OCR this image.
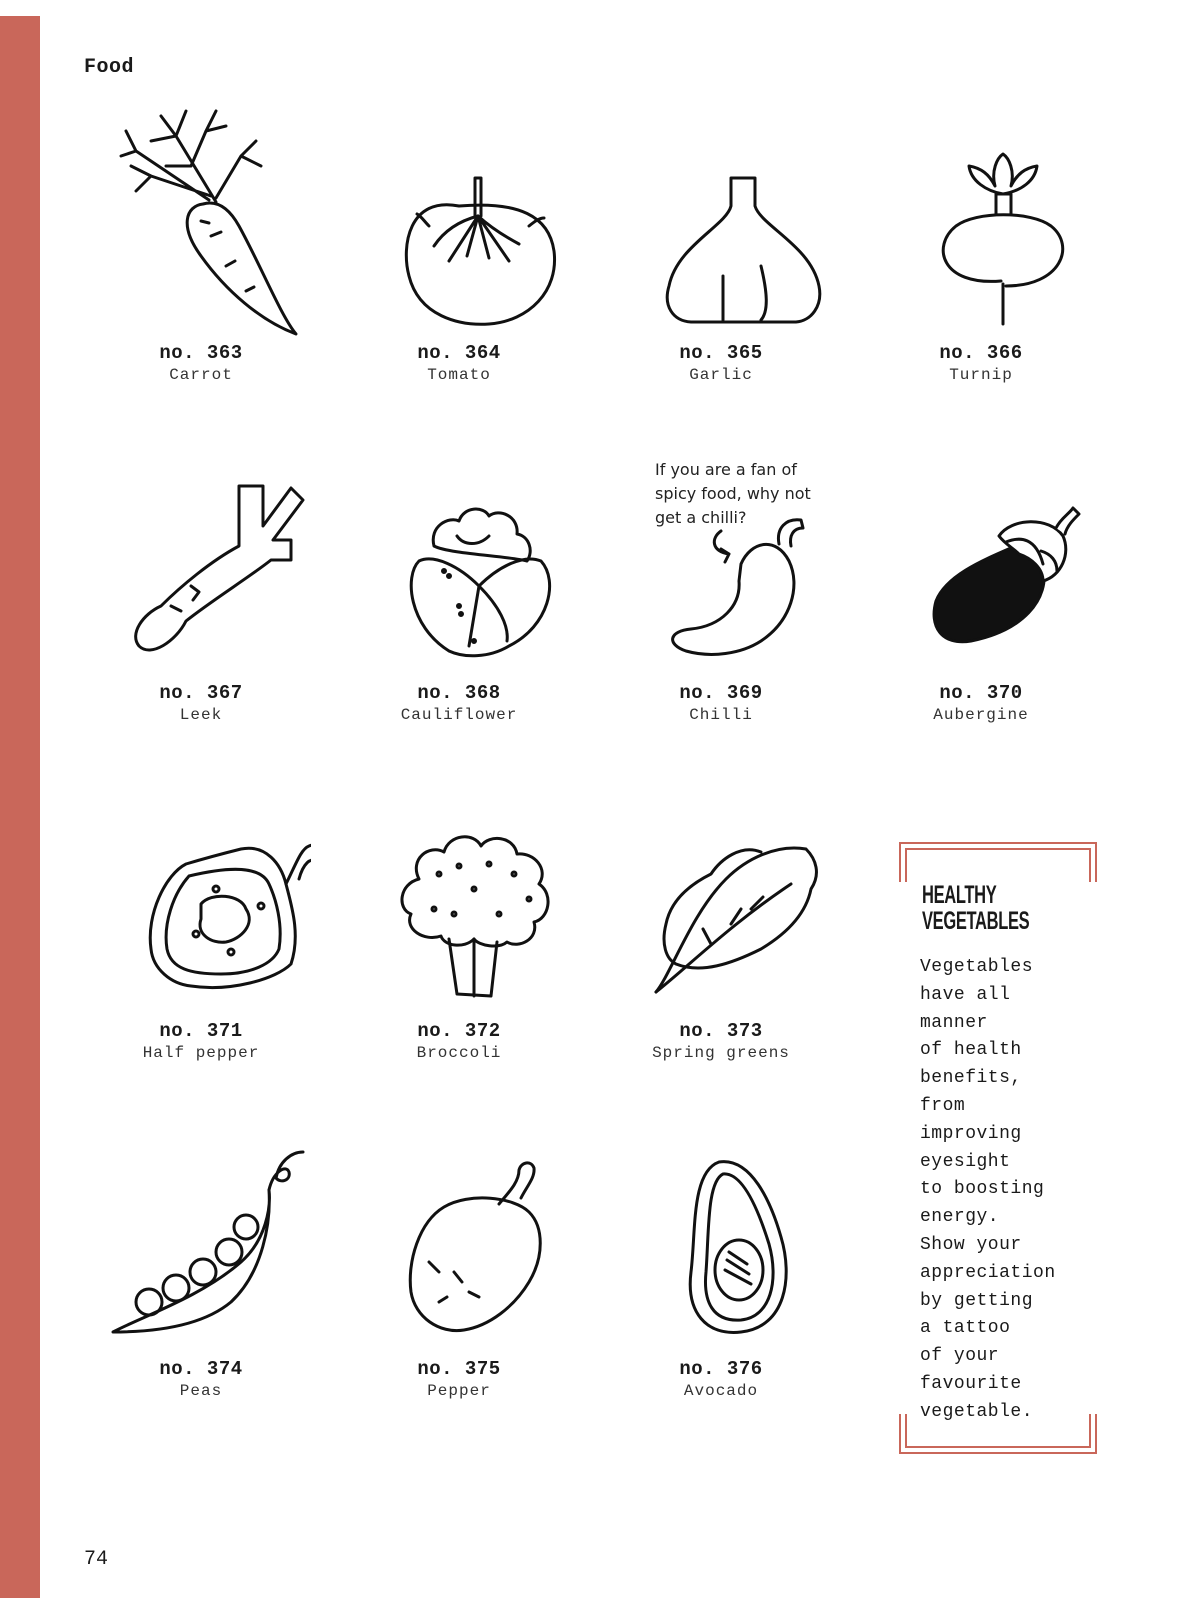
Food
no. 363
Carrot
no. 364
Tomato
no. 365
Garlic
no. 366
Turnip
no. 367
Leek
no. 368
Cauliflower
no. 369
Chilli
If you are a fan of
spicy food, why not
get a chilli?
no. 370
Aubergine
no. 371
Half pepper
no. 372
Broccoli
no. 373
Spring greens
no. 374
Peas
no. 375
Pepper
no. 376
Avocado
HEALTHY
VEGETABLES
Vegetables
have all
manner
of health
benefits,
from
improving
eyesight
to boosting
energy.
Show your
appreciation
by getting
a tattoo
of your
favourite
vegetable.
74
